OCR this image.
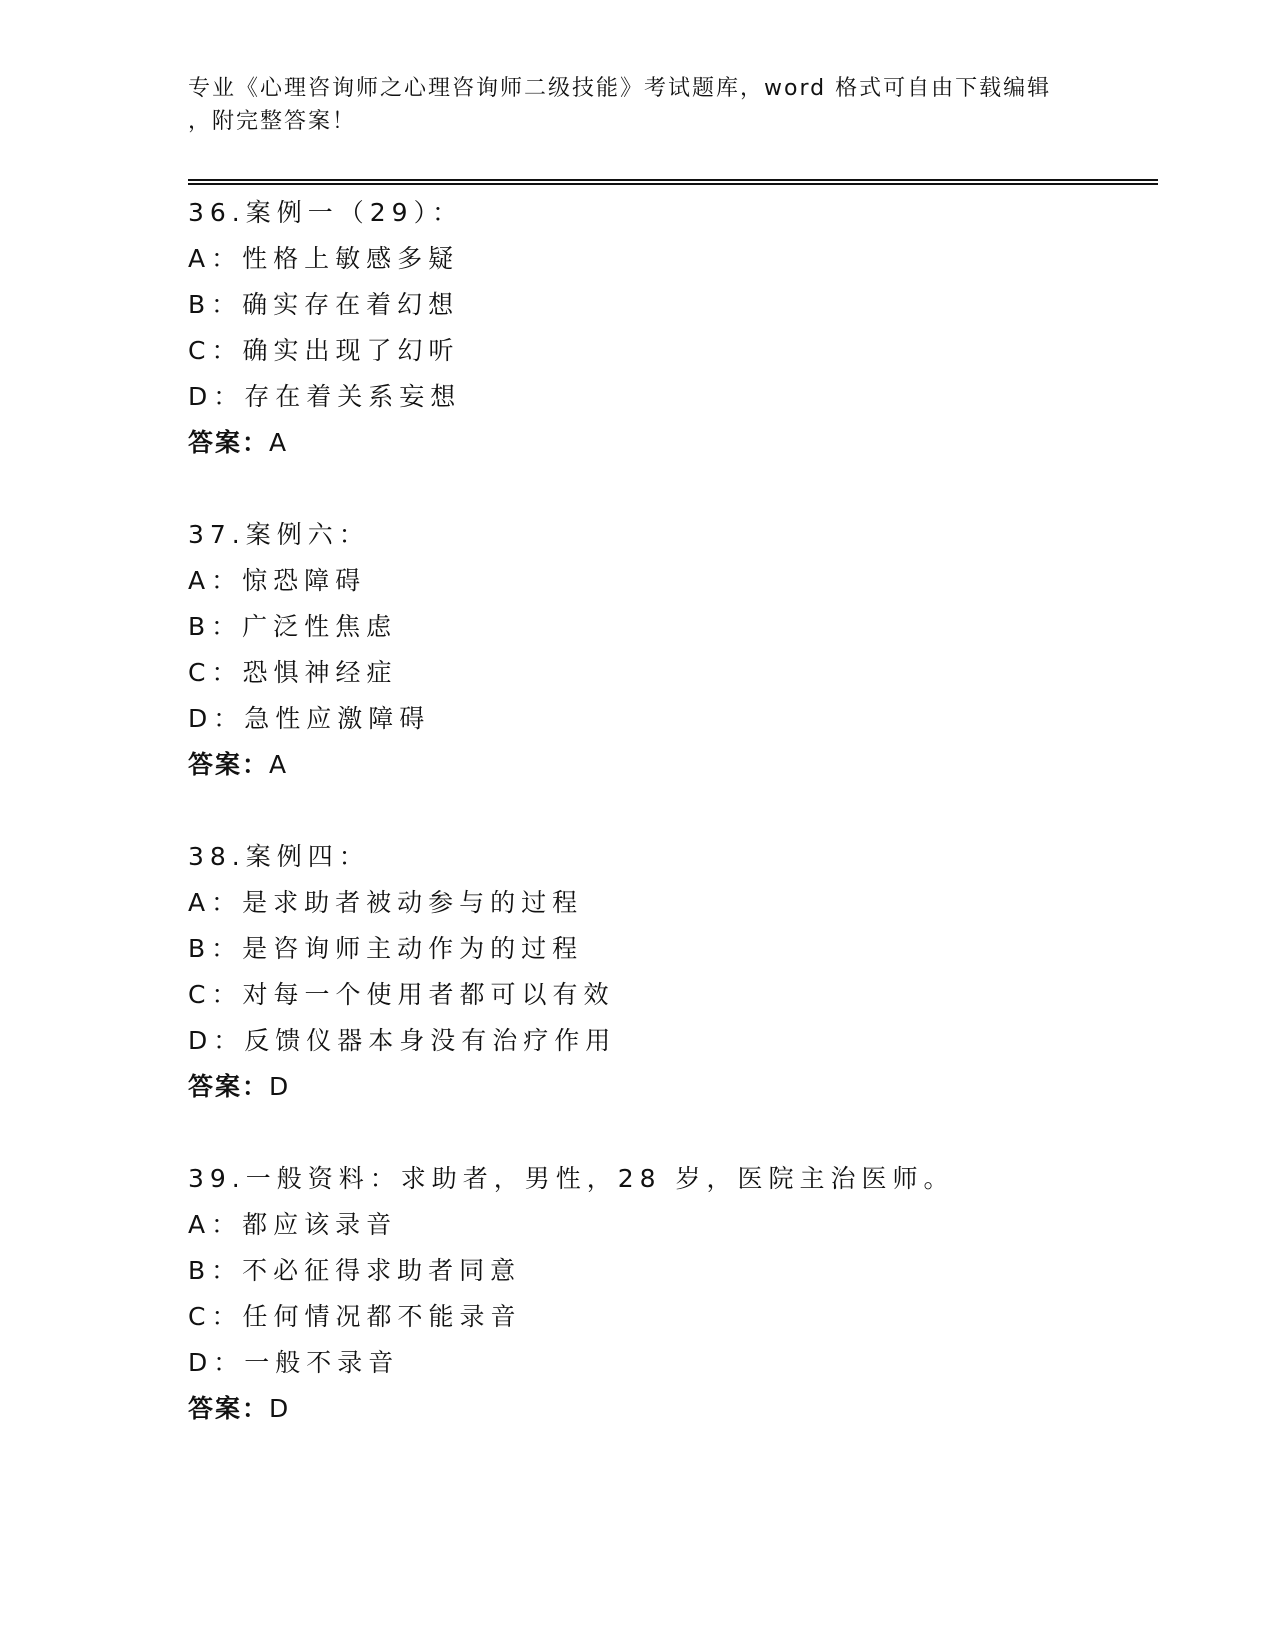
专业《心理咨询师之心理咨询师二级技能》考试题库，word 格式可自由下载编辑
，附完整答案！
36.案例一（29）：
A：性格上敏感多疑
B：确实存在着幻想
C：确实出现了幻听
D：存在着关系妄想
答案：A
37.案例六：
A：惊恐障碍
B：广泛性焦虑
C：恐惧神经症
D：急性应激障碍
答案：A
38.案例四：
A：是求助者被动参与的过程
B：是咨询师主动作为的过程
C：对每一个使用者都可以有效
D：反馈仪器本身没有治疗作用
答案：D
39.一般资料：求助者，男性，28 岁，医院主治医师。
A：都应该录音
B：不必征得求助者同意
C：任何情况都不能录音
D：一般不录音
答案：D
